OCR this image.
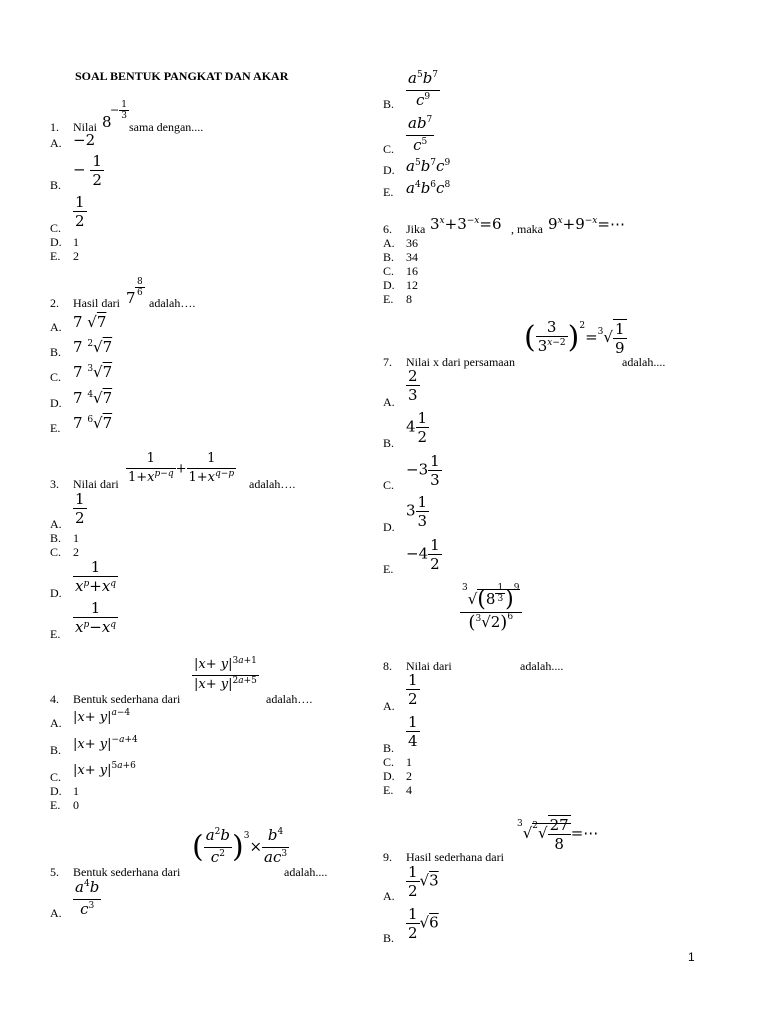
SOAL BENTUK PANGKAT DAN AKAR
1. Nilai 8
− $\frac{1}{3}$
sama dengan....
A. −2
B.
− $\frac{1}{2}$
C. $\frac{1}{2}$
D. 1
E. 2
2. Hasil dari $7 \frac{8}{6}$
adalah….
A. 7 √7
B. 7 $^2$√7
C. 7 $^3$√7
D. 7 $^4$√7
E. 7 $^6$√7
3. Nilai dari $\frac{1}{1+x^{p-q}} + \frac{1}{1+x^{q-p}}$ adalah….
A. $\frac{1}{2}$
B. 1
C. 2
D. $\frac{1}{x^p+x^q}$
E. $\frac{1}{x^p-x^q}$
4. Bentuk sederhana dari
$\frac{|x+ y|^{3a+1}}{|x+ y|^{2a+5}}$
adalah….
A. $|x+ y|^{a-4}$
B. $|x+ y|^{-a+4}$
C. $|x+ y|^{5a+6}$
D. 1
E. 0
5. Bentuk sederhana dari
( $\frac{a^2b}{c^2} )^3\times \frac{b^4}{ac^3}$
adalah....
A. $\frac{a^4b}{c^3}$
B. $\frac{a^5b^7}{c^9}$
C. $\frac{ab^7}{c^5}$
D. $a^5b^7c^9$
E. $a^4b^6c^8$
6. Jika $3^x+3^{-x}=6$ , maka $9^x+9^{-x}=\cdots$
A. 36
B. 34
C. 16
D. 12
E. 8
7. Nilai x dari persamaan
( $\frac{3}{3^{x-2}} )^2=^3√ \frac{1}{9}$
adalah....
A. $\frac{2}{3}$
B.
$4 \frac{1}{2}$
C.
$-3 \frac{1}{3}$
D.
$3 \frac{1}{3}$
E.
$-4 \frac{1}{2}$
8. Nilai dari
$^3$√(8 $^{\frac{1}{3}}$ )$^9$
$(^3√2)^6$
adalah....
A. $\frac{1}{2}$
B. $\frac{1}{4}$
C. 1
D. 2
E. 4
9. Hasil sederhana dari
$^3√^2√ \frac{27}{8}$ =⋯
A. $\frac{1}{2} √3$
B. $\frac{1}{2} √6$
1
